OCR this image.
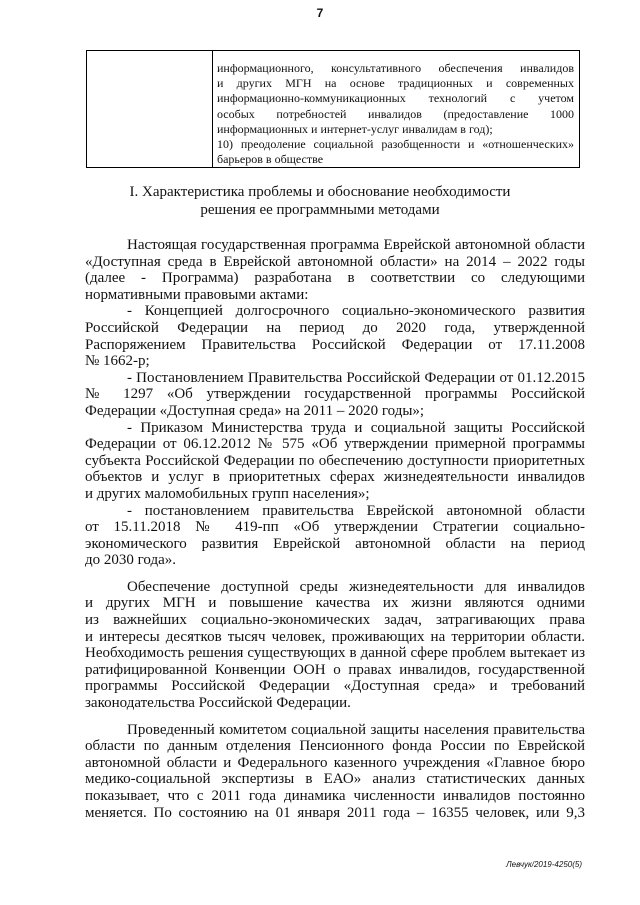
7

информационного, консультативного обеспечения инвалидов
и других МГН на основе традиционных и современных
информационно-коммуникационных технологий с учетом
особых потребностей инвалидов (предоставление 1000
информационных и интернет-услуг инвалидам в год);
10) преодоление социальной разобщенности и «отношенческих»
барьеров в обществе
I. Характеристика проблемы и обоснование необходимости
решения ее программными методами
Настоящая государственная программа Еврейской автономной области
«Доступная среда в Еврейской автономной области» на 2014 – 2022 годы
(далее - Программа) разработана в соответствии со следующими
нормативными правовыми актами:
- Концепцией долгосрочного социально-экономического развития
Российской Федерации на период до 2020 года, утвержденной
Распоряжением Правительства Российской Федерации от 17.11.2008
№ 1662-р;
- Постановлением Правительства Российской Федерации от 01.12.2015
№ 1297 «Об утверждении государственной программы Российской
Федерации «Доступная среда» на 2011 – 2020 годы»;
- Приказом Министерства труда и социальной защиты Российской
Федерации от 06.12.2012 № 575 «Об утверждении примерной программы
субъекта Российской Федерации по обеспечению доступности приоритетных
объектов и услуг в приоритетных сферах жизнедеятельности инвалидов
и других маломобильных групп населения»;
- постановлением правительства Еврейской автономной области
от 15.11.2018 № 419-пп «Об утверждении Стратегии социально-
экономического развития Еврейской автономной области на период
до 2030 года».
Обеспечение доступной среды жизнедеятельности для инвалидов
и других МГН и повышение качества их жизни являются одними
из важнейших социально-экономических задач, затрагивающих права
и интересы десятков тысяч человек, проживающих на территории области.
Необходимость решения существующих в данной сфере проблем вытекает из
ратифицированной Конвенции ООН о правах инвалидов, государственной
программы Российской Федерации «Доступная среда» и требований
законодательства Российской Федерации.
Проведенный комитетом социальной защиты населения правительства
области по данным отделения Пенсионного фонда России по Еврейской
автономной области и Федерального казенного учреждения «Главное бюро
медико-социальной экспертизы в ЕАО» анализ статистических данных
показывает, что с 2011 года динамика численности инвалидов постоянно
меняется. По состоянию на 01 января 2011 года – 16355 человек, или 9,3
Левчук/2019-4250(5)
